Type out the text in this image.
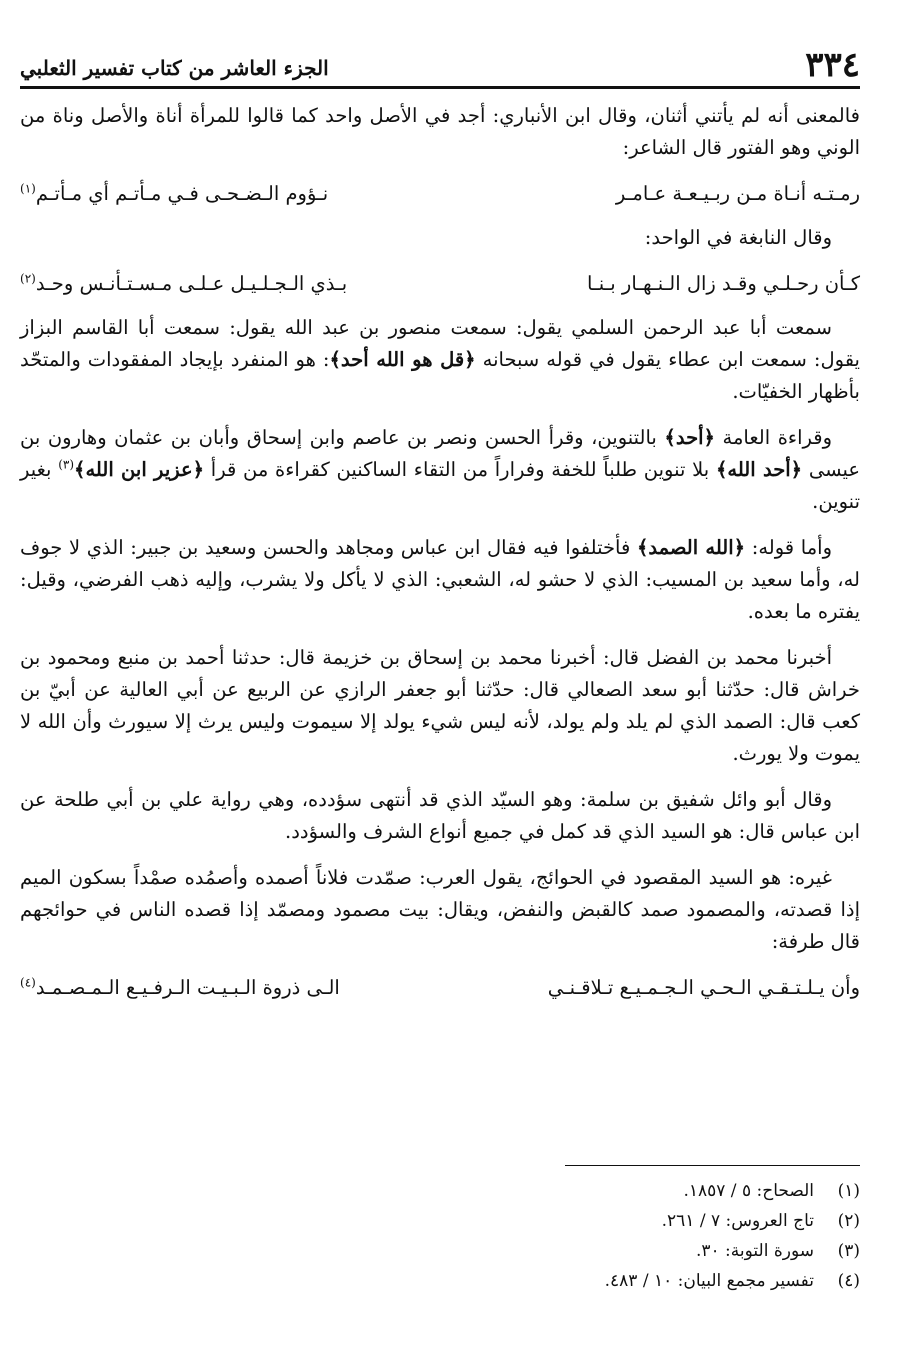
٣٣٤
الجزء العاشر من كتاب تفسير الثعلبي

فالمعنى أنه لم يأتني أثنان، وقال ابن الأنباري: أجد في الأصل واحد كما قالوا للمرأة أناة والأصل وناة من الوني وهو الفتور قال الشاعر:

رمـتـه أنـاة مـن ربـيـعـة عـامـر
نـؤوم الـضـحـى فـي مـأتـم أي مـأتـم$^{(١)}$

وقال النابغة في الواحد:

كـأن رحـلـي وقـد زال الـنـهـار بـنـا
بـذي الـجـلـيـل عـلـى مـسـتـأنـس وحـد$^{(٢)}$

سمعت أبا عبد الرحمن السلمي يقول: سمعت منصور بن عبد الله يقول: سمعت أبا القاسم البزاز يقول: سمعت ابن عطاء يقول في قوله سبحانه ﴿قل هو الله أحد﴾: هو المنفرد بإيجاد المفقودات والمتحّد بأظهار الخفيّات.

وقراءة العامة ﴿أحد﴾ بالتنوين، وقرأ الحسن ونصر بن عاصم وابن إسحاق وأبان بن عثمان وهارون بن عيسى ﴿أحد الله﴾ بلا تنوين طلباً للخفة وفراراً من التقاء الساكنين كقراءة من قرأ ﴿عزير ابن الله﴾$^{(٣)}$ بغير تنوين.

وأما قوله: ﴿الله الصمد﴾ فأختلفوا فيه فقال ابن عباس ومجاهد والحسن وسعيد بن جبير: الذي لا جوف له، وأما سعيد بن المسيب: الذي لا حشو له، الشعبي: الذي لا يأكل ولا يشرب، وإليه ذهب الفرضي، وقيل: يفتره ما بعده.

أخبرنا محمد بن الفضل قال: أخبرنا محمد بن إسحاق بن خزيمة قال: حدثنا أحمد بن منبع ومحمود بن خراش قال: حدّثنا أبو سعد الصعالي قال: حدّثنا أبو جعفر الرازي عن الربيع عن أبي العالية عن أبيّ بن كعب قال: الصمد الذي لم يلد ولم يولد، لأنه ليس شيء يولد إلا سيموت وليس يرث إلا سيورث وأن الله لا يموت ولا يورث.

وقال أبو وائل شفيق بن سلمة: وهو السيّد الذي قد أنتهى سؤدده، وهي رواية علي بن أبي طلحة عن ابن عباس قال: هو السيد الذي قد كمل في جميع أنواع الشرف والسؤدد.

غيره: هو السيد المقصود في الحوائج، يقول العرب: صمّدت فلاناً أصمده وأصمُده صمْداً بسكون الميم إذا قصدته، والمصمود صمد كالقبض والنفض، ويقال: بيت مصمود ومصمّد إذا قصده الناس في حوائجهم قال طرفة:

وأن يـلـتـقـي الـحـي الـجـمـيـع تـلاقـنـي
الـى ذروة الـبـيـت الـرفـيـع الـمـصـمـد$^{(٤)}$
(١)
الصحاح: ٥ / ١٨٥٧.
(٢)
تاج العروس: ٧ / ٢٦١.
(٣)
سورة التوبة: ٣٠.
(٤)
تفسير مجمع البيان: ١٠ / ٤٨٣.
